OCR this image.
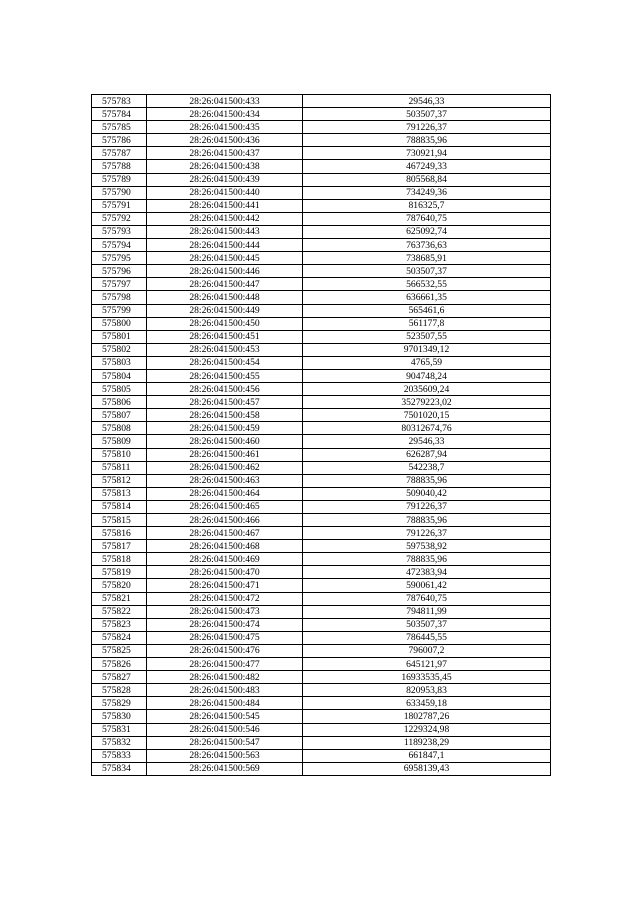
575783	28:26:041500:433	29546,33
575784	28:26:041500:434	503507,37
575785	28:26:041500:435	791226,37
575786	28:26:041500:436	788835,96
575787	28:26:041500:437	730921,94
575788	28:26:041500:438	467249,33
575789	28:26:041500:439	805568,84
575790	28:26:041500:440	734249,36
575791	28:26:041500:441	816325,7
575792	28:26:041500:442	787640,75
575793	28:26:041500:443	625092,74
575794	28:26:041500:444	763736,63
575795	28:26:041500:445	738685,91
575796	28:26:041500:446	503507,37
575797	28:26:041500:447	566532,55
575798	28:26:041500:448	636661,35
575799	28:26:041500:449	565461,6
575800	28:26:041500:450	561177,8
575801	28:26:041500:451	523507,55
575802	28:26:041500:453	9701349,12
575803	28:26:041500:454	4765,59
575804	28:26:041500:455	904748,24
575805	28:26:041500:456	2035609,24
575806	28:26:041500:457	35279223,02
575807	28:26:041500:458	7501020,15
575808	28:26:041500:459	80312674,76
575809	28:26:041500:460	29546,33
575810	28:26:041500:461	626287,94
575811	28:26:041500:462	542238,7
575812	28:26:041500:463	788835,96
575813	28:26:041500:464	509040,42
575814	28:26:041500:465	791226,37
575815	28:26:041500:466	788835,96
575816	28:26:041500:467	791226,37
575817	28:26:041500:468	597538,92
575818	28:26:041500:469	788835,96
575819	28:26:041500:470	472383,94
575820	28:26:041500:471	590061,42
575821	28:26:041500:472	787640,75
575822	28:26:041500:473	794811,99
575823	28:26:041500:474	503507,37
575824	28:26:041500:475	786445,55
575825	28:26:041500:476	796007,2
575826	28:26:041500:477	645121,97
575827	28:26:041500:482	16933535,45
575828	28:26:041500:483	820953,83
575829	28:26:041500:484	633459,18
575830	28:26:041500:545	1802787,26
575831	28:26:041500:546	1229324,98
575832	28:26:041500:547	1189238,29
575833	28:26:041500:563	661847,1
575834	28:26:041500:569	6958139,43
